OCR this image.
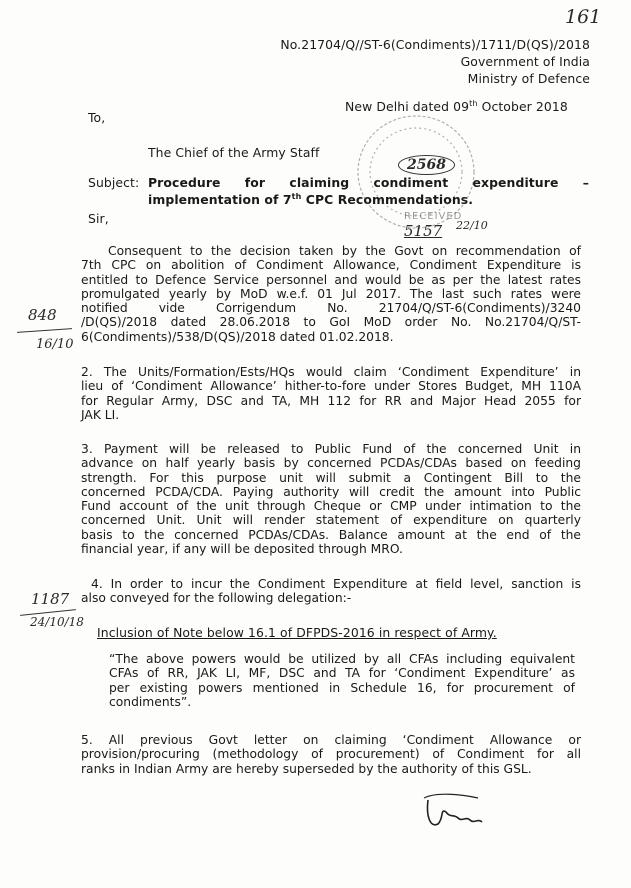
161
No.21704/Q//ST-6(Condiments)/1711/D(QS)/2018
Government of India
Ministry of Defence
New Delhi dated 09th October 2018
To,
The Chief of the Army Staff
Subject: Procedure for claiming condiment expenditure –
implementation of 7th CPC Recommendations.
Sir,
Consequent to the decision taken by the Govt on recommendation of
7th CPC on abolition of Condiment Allowance, Condiment Expenditure is
entitled to Defence Service personnel and would be as per the latest rates
promulgated yearly by MoD w.e.f. 01 Jul 2017. The last such rates were
notified vide Corrigendum No. 21704/Q/ST-6(Condiments)/3240
/D(QS)/2018 dated 28.06.2018 to GoI MoD order No. No.21704/Q/ST-
6(Condiments)/538/D(QS)/2018 dated 01.02.2018.
2. The Units/Formation/Ests/HQs would claim ‘Condiment Expenditure’ in
lieu of ‘Condiment Allowance’ hither-to-fore under Stores Budget, MH 110A
for Regular Army, DSC and TA, MH 112 for RR and Major Head 2055 for
JAK LI.
3. Payment will be released to Public Fund of the concerned Unit in
advance on half yearly basis by concerned PCDAs/CDAs based on feeding
strength. For this purpose unit will submit a Contingent Bill to the
concerned PCDA/CDA. Paying authority will credit the amount into Public
Fund account of the unit through Cheque or CMP under intimation to the
concerned Unit. Unit will render statement of expenditure on quarterly
basis to the concerned PCDAs/CDAs. Balance amount at the end of the
financial year, if any will be deposited through MRO.
4. In order to incur the Condiment Expenditure at field level, sanction is
also conveyed for the following delegation:-
Inclusion of Note below 16.1 of DFPDS-2016 in respect of Army.
“The above powers would be utilized by all CFAs including equivalent
CFAs of RR, JAK LI, MF, DSC and TA for ‘Condiment Expenditure’ as
per existing powers mentioned in Schedule 16, for procurement of
condiments”.
5. All previous Govt letter on claiming ‘Condiment Allowance or
provision/procuring (methodology of procurement) of Condiment for all
ranks in Indian Army are hereby superseded by the authority of this GSL.
848
16/10
1187
24/10/18
2568
RECEIVED
5157 22/10
